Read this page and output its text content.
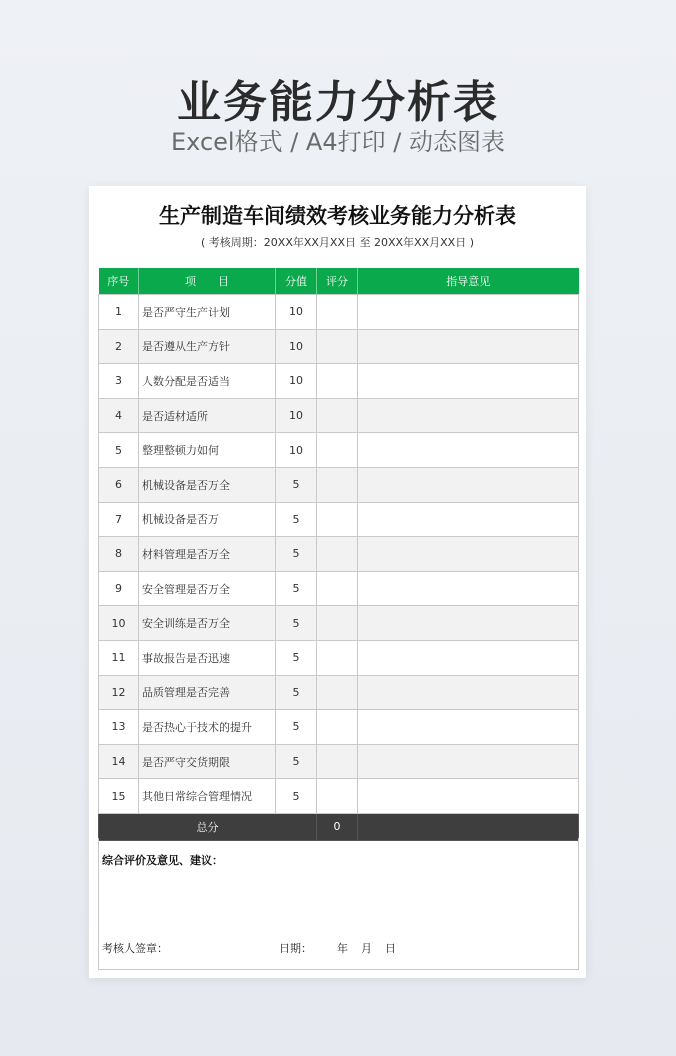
业务能力分析表
Excel格式 / A4打印 / 动态图表
生产制造车间绩效考核业务能力分析表
( 考核周期：20XX年XX月XX日 至 20XX年XX月XX日 )
序号	项　　目	分值	评分	指导意见
1	是否严守生产计划	10		
2	是否遵从生产方针	10		
3	人数分配是否适当	10		
4	是否适材适所	10		
5	整理整顿力如何	10		
6	机械设备是否万全	5		
7	机械设备是否万	5		
8	材料管理是否万全	5		
9	安全管理是否万全	5		
10	安全训练是否万全	5		
11	事故报告是否迅速	5		
12	品质管理是否完善	5		
13	是否热心于技术的提升	5		
14	是否严守交货期限	5		
15	其他日常综合管理情况	5		
总分			0	
综合评价及意见、建议：
考核人签章：	日期： 年 月 日
